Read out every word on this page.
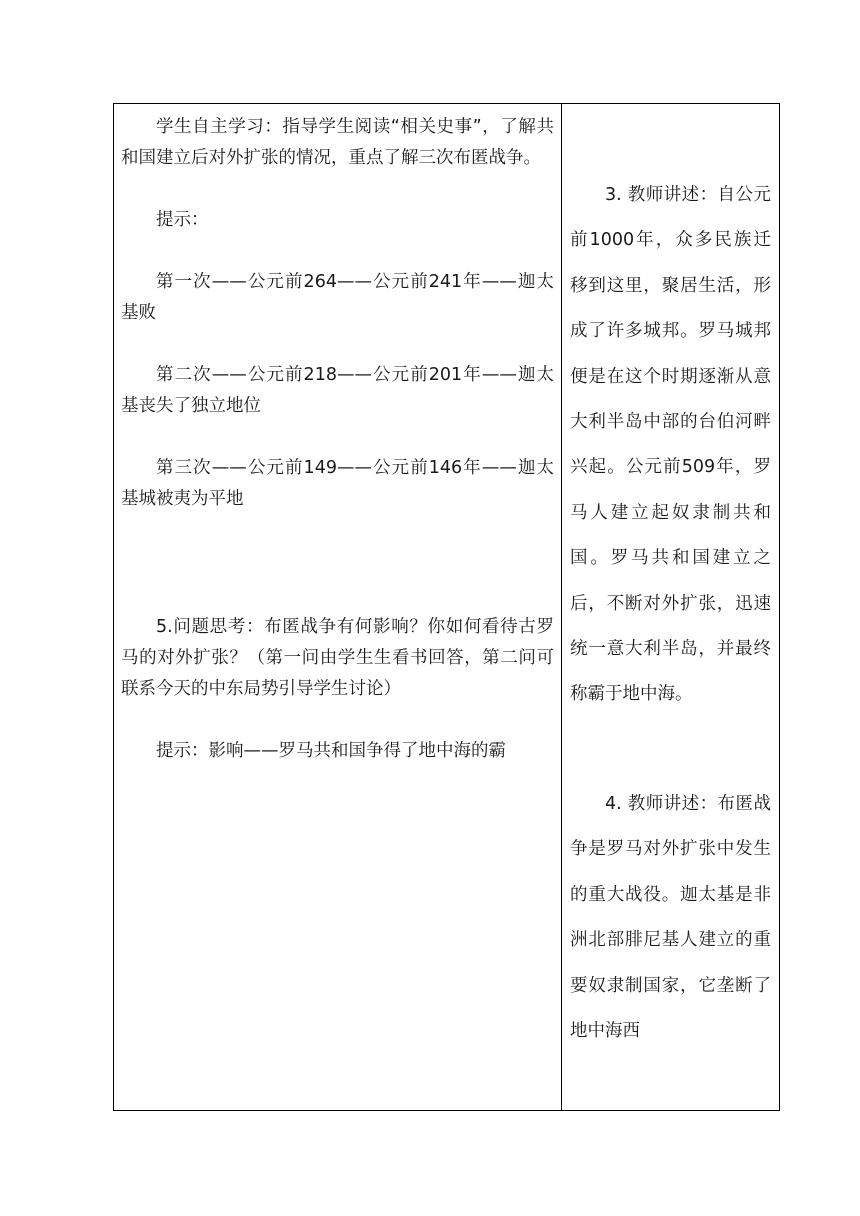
学生自主学习：指导学生阅读“相关史事”，了解共和国建立后对外扩张的情况，重点了解三次布匿战争。

提示：

第一次——公元前264——公元前241年——迦太基败

第二次——公元前218——公元前201年——迦太基丧失了独立地位

第三次——公元前149——公元前146年——迦太基城被夷为平地

5.问题思考：布匿战争有何影响？你如何看待古罗马的对外扩张？（第一问由学生生看书回答，第二问可联系今天的中东局势引导学生讨论）

提示：影响——罗马共和国争得了地中海的霸

3. 教师讲述：自公元前1000年，众多民族迁移到这里，聚居生活，形成了许多城邦。罗马城邦便是在这个时期逐渐从意大利半岛中部的台伯河畔兴起。公元前509年，罗马人建立起奴隶制共和国。罗马共和国建立之后，不断对外扩张，迅速统一意大利半岛，并最终称霸于地中海。

4. 教师讲述：布匿战争是罗马对外扩张中发生的重大战役。迦太基是非洲北部腓尼基人建立的重要奴隶制国家，它垄断了地中海西
